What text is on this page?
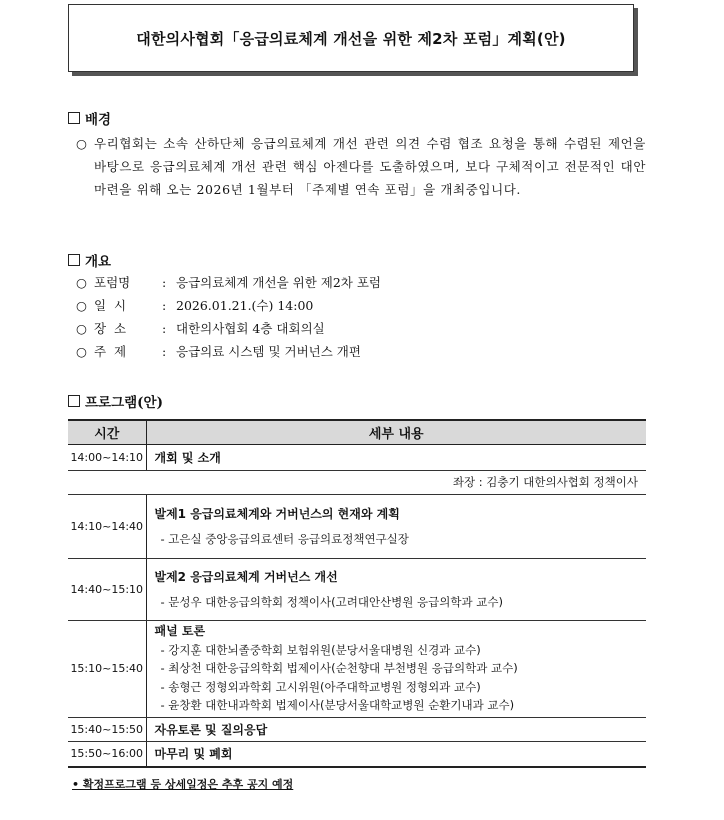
대한의사협회「응급의료체계 개선을 위한 제2차 포럼」계획(안)
배경
○ 우리협회는 소속 산하단체 응급의료체계 개선 관련 의견 수렴 협조 요청을 통해 수렴된 제언을 바탕으로 응급의료체계 개선 관련 핵심 아젠다를 도출하였으며, 보다 구체적이고 전문적인 대안 마련을 위해 오는 2026년 1월부터 「주제별 연속 포럼」을 개최중입니다.
개요
○ 포럼명	: 응급의료체계 개선을 위한 제2차 포럼
○ 일  시	: 2026.01.21.(수) 14:00
○ 장  소	: 대한의사협회 4층 대회의실
○ 주  제	: 응급의료 시스템 및 거버넌스 개편
프로그램(안)
시간	세부 내용
14:00~14:10	개회 및 소개
좌장 : 김충기 대한의사협회 정책이사	
14:10~14:40	발제1 응급의료체계와 거버넌스의 현재와 계획
- 고은실 중앙응급의료센터 응급의료정책연구실장

14:40~15:10	발제2 응급의료체계 거버넌스 개선
- 문성우 대한응급의학회 정책이사(고려대안산병원 응급의학과 교수)

15:10~15:40	패널 토론
- 강지훈 대한뇌졸중학회 보험위원(분당서울대병원 신경과 교수)
- 최상천 대한응급의학회 법제이사(순천향대 부천병원 응급의학과 교수)
- 송형근 정형외과학회 고시위원(아주대학교병원 정형외과 교수)
- 윤창환 대한내과학회 법제이사(분당서울대학교병원 순환기내과 교수)

15:40~15:50	자유토론 및 질의응답
15:50~16:00	마무리 및 폐회
• 확정프로그램 등 상세일정은 추후 공지 예정
